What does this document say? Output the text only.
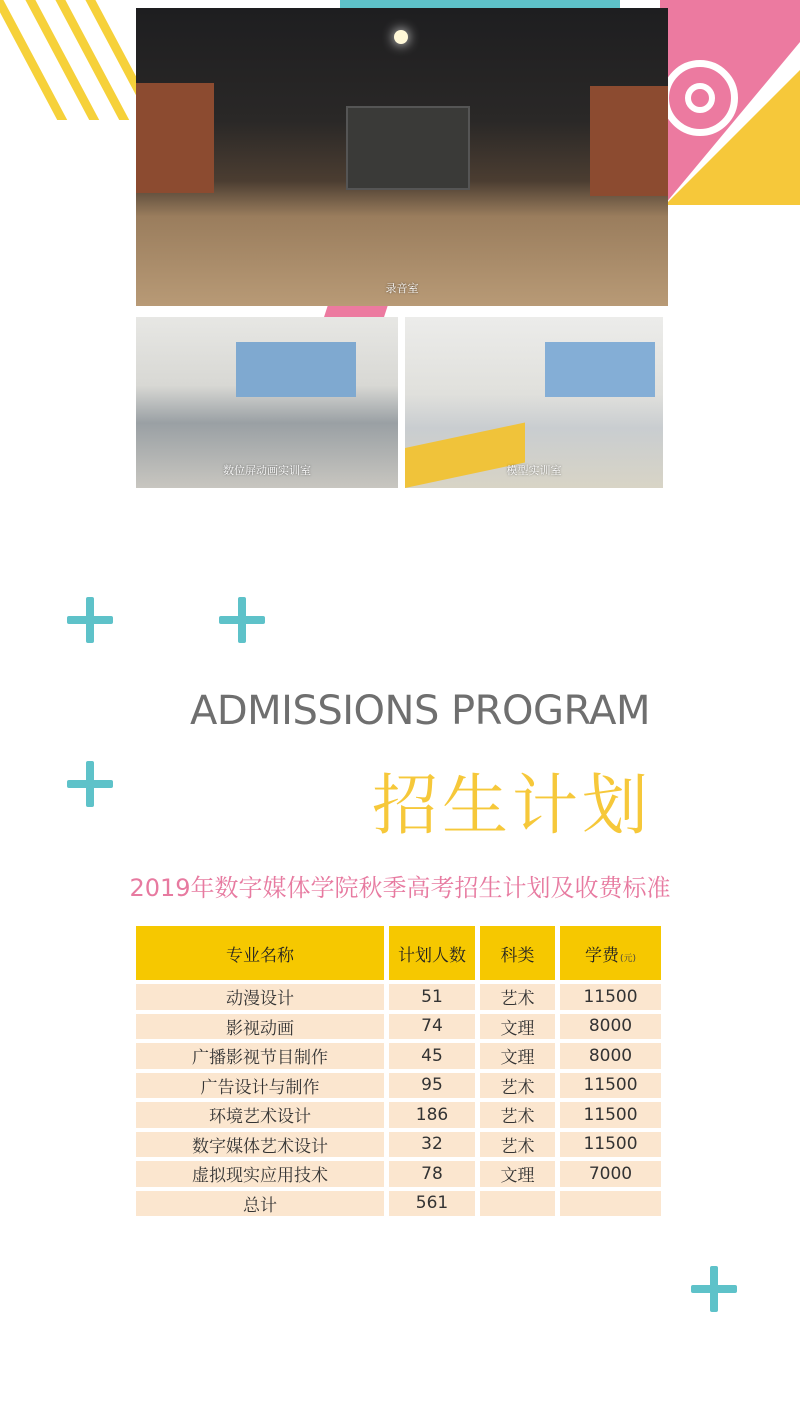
录音室
数位屏动画实训室	模型实训室
ADMISSIONS PROGRAM
招生计划
2019年数字媒体学院秋季高考招生计划及收费标准
专业名称	计划人数	科类	学费 (元)
动漫设计	51	艺术	11500
影视动画	74	文理	8000
广播影视节目制作	45	文理	8000
广告设计与制作	95	艺术	11500
环境艺术设计	186	艺术	11500
数字媒体艺术设计	32	艺术	11500
虚拟现实应用技术	78	文理	7000
总计	561
